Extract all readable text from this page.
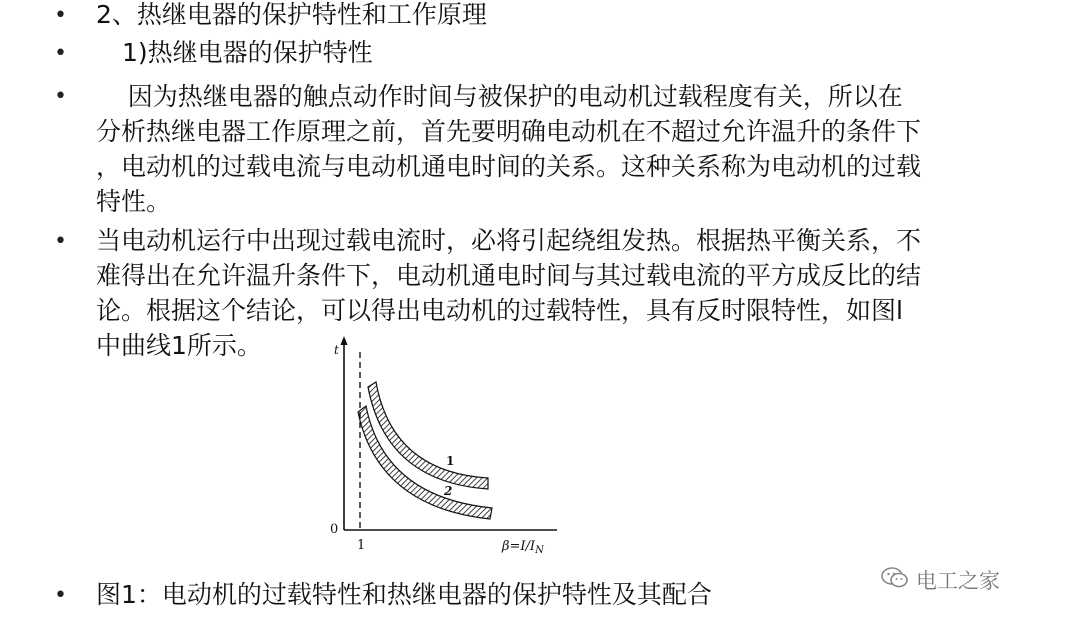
•
•
•
•
•
2、热继电器的保护特性和工作原理
1)热继电器的保护特性
因为热继电器的触点动作时间与被保护的电动机过载程度有关，所以在
分析热继电器工作原理之前，首先要明确电动机在不超过允许温升的条件下
，电动机的过载电流与电动机通电时间的关系。这种关系称为电动机的过载
特性。
当电动机运行中出现过载电流时，必将引起绕组发热。根据热平衡关系，不
难得出在允许温升条件下，电动机通电时间与其过载电流的平方成反比的结
论。根据这个结论，可以得出电动机的过载特性，具有反时限特性，如图l
中曲线1所示。	t
0
1	$\beta=I/I_N$
1
2
图1：电动机的过载特性和热继电器的保护特性及其配合	电工之家
